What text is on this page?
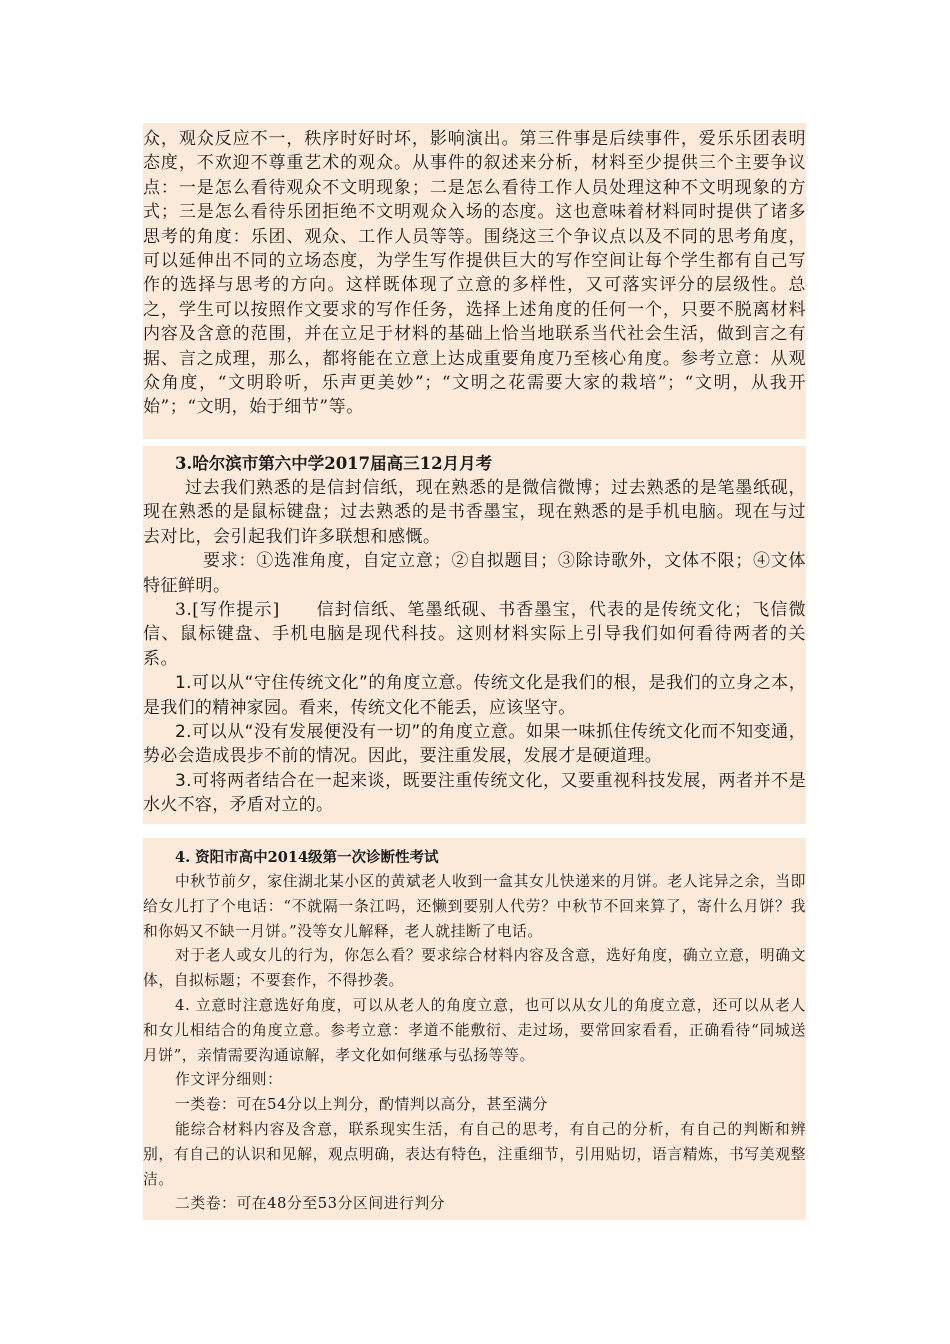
众，观众反应不一，秩序时好时坏，影响演出。第三件事是后续事件，爱乐乐团表明态度，不欢迎不尊重艺术的观众。从事件的叙述来分析，材料至少提供三个主要争议点：一是怎么看待观众不文明现象；二是怎么看待工作人员处理这种不文明现象的方式；三是怎么看待乐团拒绝不文明观众入场的态度。这也意味着材料同时提供了诸多思考的角度：乐团、观众、工作人员等等。围绕这三个争议点以及不同的思考角度，可以延伸出不同的立场态度，为学生写作提供巨大的写作空间让每个学生都有自己写作的选择与思考的方向。这样既体现了立意的多样性，又可落实评分的层级性。总之，学生可以按照作文要求的写作任务，选择上述角度的任何一个，只要不脱离材料内容及含意的范围，并在立足于材料的基础上恰当地联系当代社会生活，做到言之有据、言之成理，那么，都将能在立意上达成重要角度乃至核心角度。参考立意：从观众角度，“文明聆听，乐声更美妙”；“文明之花需要大家的栽培”；“文明，从我开始”；“文明，始于细节”等。

3.哈尔滨市第六中学2017届高三12月月考

过去我们熟悉的是信封信纸，现在熟悉的是微信微博；过去熟悉的是笔墨纸砚，现在熟悉的是鼠标键盘；过去熟悉的是书香墨宝，现在熟悉的是手机电脑。现在与过去对比，会引起我们许多联想和感慨。

要求：①选准角度，自定立意；②自拟题目；③除诗歌外，文体不限；④文体特征鲜明。

3.[写作提示]　　信封信纸、笔墨纸砚、书香墨宝，代表的是传统文化；飞信微信、鼠标键盘、手机电脑是现代科技。这则材料实际上引导我们如何看待两者的关系。

1.可以从“守住传统文化”的角度立意。传统文化是我们的根，是我们的立身之本，是我们的精神家园。看来，传统文化不能丢，应该坚守。

2.可以从“没有发展便没有一切”的角度立意。如果一味抓住传统文化而不知变通，势必会造成畏步不前的情况。因此，要注重发展，发展才是硬道理。

3.可将两者结合在一起来谈，既要注重传统文化，又要重视科技发展，两者并不是水火不容，矛盾对立的。

4. 资阳市高中2014级第一次诊断性考试

中秋节前夕，家住湖北某小区的黄斌老人收到一盒其女儿快递来的月饼。老人诧异之余，当即给女儿打了个电话：“不就隔一条江吗，还懒到要别人代劳？中秋节不回来算了，寄什么月饼？我和你妈又不缺一月饼。”没等女儿解释，老人就挂断了电话。

对于老人或女儿的行为，你怎么看？要求综合材料内容及含意，选好角度，确立立意，明确文体，自拟标题；不要套作，不得抄袭。

4. 立意时注意选好角度，可以从老人的角度立意，也可以从女儿的角度立意，还可以从老人和女儿相结合的角度立意。参考立意：孝道不能敷衍、走过场，要常回家看看，正确看待“同城送月饼”，亲情需要沟通谅解，孝文化如何继承与弘扬等等。

作文评分细则：

一类卷：可在54分以上判分，酌情判以高分，甚至满分

能综合材料内容及含意，联系现实生活，有自己的思考，有自己的分析，有自己的判断和辨别，有自己的认识和见解，观点明确，表达有特色，注重细节，引用贴切，语言精炼，书写美观整洁。

二类卷：可在48分至53分区间进行判分
